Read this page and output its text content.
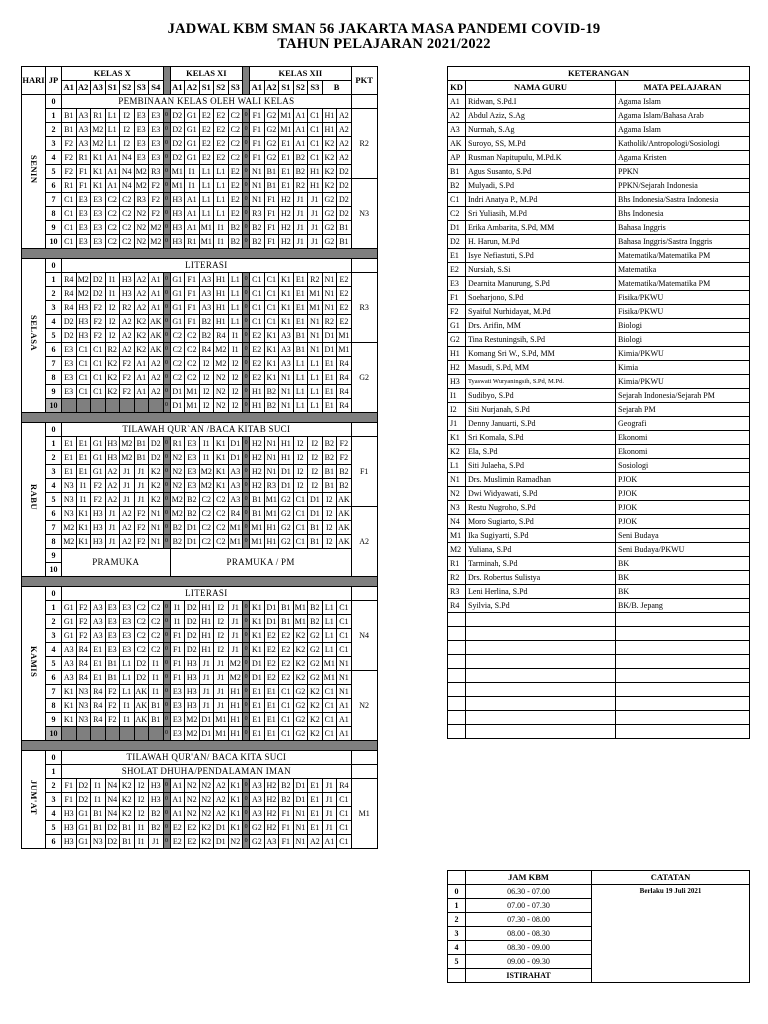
JADWAL KBM SMAN 56 JAKARTA MASA PANDEMI COVID-19
TAHUN PELAJARAN 2021/2022
HARI	JP	KELAS X								KELAS XI						KELAS XII							PKT
		A1	A2	A3	S1	S2	S3	S4		A1	A2	S1	S2	S3		A1	A2	S1	S2	S3	B		
SENIN	0	PEMBINAAN KELAS OLEH WALI KELAS																					
	1	B1	A3	R1	L1	I2	E3	E3	0	D2	G1	E2	E2	C2	0	F1	G2	M1	A1	C1	H1	A2	R2
	2	B1	A3	M2	L1	I2	E3	E3	0	D2	G1	E2	E2	C2	0	F1	G2	M1	A1	C1	H1	A2	
	3	F2	A3	M2	L1	I2	E3	E3	0	D2	G1	E2	E2	C2	0	F1	G2	E1	A1	C1	K2	A2	
	4	F2	R1	K1	A1	N4	E3	E3	0	D2	G1	E2	E2	C2	0	F1	G2	E1	B2	C1	K2	A2	
	5	F2	F1	K1	A1	N4	M2	R3	0	M1	I1	L1	L1	E2	0	N1	B1	E1	B2	H1	K2	D2	
	6	R1	F1	K1	A1	N4	M2	F2	0	M1	I1	L1	L1	E2	0	N1	B1	E1	R2	H1	K2	D2	N3
	7	C1	E3	E3	C2	C2	R3	F2	0	H3	A1	L1	L1	E2	0	N1	F1	H2	J1	J1	G2	D2	
	8	C1	E3	E3	C2	C2	N2	F2	0	H3	A1	L1	L1	E2	0	R3	F1	H2	J1	J1	G2	D2	
	9	C1	E3	E3	C2	C2	N2	M2	0	H3	A1	M1	I1	B2	0	B2	F1	H2	J1	J1	G2	B1	
	10	C1	E3	E3	C2	C2	N2	M2	0	H3	R1	M1	I1	B2	0	B2	F1	H2	J1	J1	G2	B1	

SELASA	0	LITERASI																					
	1	R4	M2	D2	I1	H3	A2	A1	0	G1	F1	A3	H1	L1	0	C1	C1	K1	E1	R2	N1	E2	R3
	2	R4	M2	D2	I1	H3	A2	A1	0	G1	F1	A3	H1	L1	0	C1	C1	K1	E1	M1	N1	E2	
	3	R4	H3	F2	I2	R2	A2	A1	0	G1	F1	A3	H1	L1	0	C1	C1	K1	E1	M1	N1	E2	
	4	D2	H3	F2	I2	A2	K2	AK	0	G1	F1	B2	H1	L1	0	C1	C1	K1	E1	N1	R2	E2	
	5	D2	H3	F2	I2	A2	K2	AK	0	C2	C2	B2	R4	I1	0	E2	K1	A3	B1	N1	D1	M1	
	6	E3	C1	C1	R2	A2	K2	AK	0	C2	C2	R4	M2	I1	0	E2	K1	A3	B1	N1	D1	M1	G2
	7	E3	C1	C1	K2	F2	A1	A2	0	C2	C2	I2	M2	I2	0	E2	K1	A3	L1	L1	E1	R4	
	8	E3	C1	C1	K2	F2	A1	A2	0	C2	C2	I2	N2	I2	0	E2	K1	N1	L1	L1	E1	R4	
	9	E3	C1	C1	K2	F2	A1	A2	0	D1	M1	I2	N2	I2	0	H1	B2	N1	L1	L1	E1	R4	
	10								0	D1	M1	I2	N2	I2	0	H1	B2	N1	L1	L1	E1	R4	

RABU	0	TILAWAH QUR`AN /BACA KITAB SUCI																					
	1	E1	E1	G1	H3	M2	B1	D2	0	R1	E3	I1	K1	D1	0	H2	N1	H1	I2	I2	B2	F2	F1
	2	E1	E1	G1	H3	M2	B1	D2	0	N2	E3	I1	K1	D1	0	H2	N1	H1	I2	I2	B2	F2	
	3	E1	E1	G1	A2	J1	J1	K2	0	N2	E3	M2	K1	A3	0	H2	N1	D1	I2	I2	B1	B2	
	4	N3	I1	F2	A2	J1	J1	K2	0	N2	E3	M2	K1	A3	0	H2	R3	D1	I2	I2	B1	B2	
	5	N3	I1	F2	A2	J1	J1	K2	0	M2	B2	C2	C2	A3	0	B1	M1	G2	C1	D1	I2	AK	
	6	N3	K1	H3	J1	A2	F2	N1	0	M2	B2	C2	C2	R4	0	B1	M1	G2	C1	D1	I2	AK	A2
	7	M2	K1	H3	J1	A2	F2	N1	0	B2	D1	C2	C2	M1	0	M1	H1	G2	C1	B1	I2	AK	
	8	M2	K1	H3	J1	A2	F2	N1	0	B2	D1	C2	C2	M1	0	M1	H1	G2	C1	B1	I2	AK	
	9	PRAMUKA								PRAMUKA / PM													
	10																						

KAMIS	0	LITERASI																					
	1	G1	F2	A3	E3	E3	C2	C2	0	I1	D2	H1	I2	J1	0	K1	D1	B1	M1	B2	L1	C1	N4
	2	G1	F2	A3	E3	E3	C2	C2	0	I1	D2	H1	I2	J1	0	K1	D1	B1	M1	B2	L1	C1	
	3	G1	F2	A3	E3	E3	C2	C2	0	F1	D2	H1	I2	J1	0	K1	E2	E2	K2	G2	L1	C1	
	4	A3	R4	E1	E3	E3	C2	C2	0	F1	D2	H1	I2	J1	0	K1	E2	E2	K2	G2	L1	C1	
	5	A3	R4	E1	B1	L1	D2	I1	0	F1	H3	J1	J1	M2	0	D1	E2	E2	K2	G2	M1	N1	
	6	A3	R4	E1	B1	L1	D2	I1	0	F1	H3	J1	J1	M2	0	D1	E2	E2	K2	G2	M1	N1	N2
	7	K1	N3	R4	F2	L1	AK	I1	0	E3	H3	J1	J1	H1	0	E1	E1	C1	G2	K2	C1	N1	
	8	K1	N3	R4	F2	I1	AK	B1	0	E3	H3	J1	J1	H1	0	E1	E1	C1	G2	K2	C1	A1	
	9	K1	N3	R4	F2	I1	AK	B1	0	E3	M2	D1	M1	H1	0	E1	E1	C1	G2	K2	C1	A1	
	10								0	E3	M2	D1	M1	H1	0	E1	E1	C1	G2	K2	C1	A1	

JUM'AT	0	TILAWAH QUR'AN/ BACA KITA SUCI																					
	1	SHOLAT DHUHA/PENDALAMAN IMAN																					
	2	F1	D2	I1	N4	K2	I2	H3	0	A1	N2	N2	A2	K1	0	A3	H2	B2	D1	E1	J1	R4	M1
	3	F1	D2	I1	N4	K2	I2	H3	0	A1	N2	N2	A2	K1	0	A3	H2	B2	D1	E1	J1	C1	
	4	H3	G1	B1	N4	K2	I2	B2	0	A1	N2	N2	A2	K1	0	A3	H2	F1	N1	E1	J1	C1	
	5	H3	G1	B1	D2	B1	I1	B2	0	E2	E2	K2	D1	K1	0	G2	H2	F1	N1	E1	J1	C1	
	6	H3	G1	N3	D2	B1	I1	J1	0	E2	E2	K2	D1	N2	0	G2	A3	F1	N1	A2	A1	C1	
KETERANGAN		
KD	NAMA GURU	MATA PELAJARAN
A1	Ridwan, S.Pd.I	Agama Islam
A2	Abdul Aziz, S.Ag	Agama Islam/Bahasa Arab
A3	Nurmah, S.Ag	Agama Islam
AK	Suroyo, SS, M.Pd	Katholik/Antropologi/Sosiologi
AP	Rusman Napitupulu, M.Pd.K	Agama Kristen
B1	Agus Susanto, S.Pd	PPKN
B2	Mulyadi, S.Pd	PPKN/Sejarah Indonesia
C1	Indri Anatya P., M.Pd	Bhs Indonesia/Sastra Indonesia
C2	Sri Yuliasih, M.Pd	Bhs Indonesia
D1	Erika Ambarita, S.Pd, MM	Bahasa Inggris
D2	H. Harun, M.Pd	Bahasa Inggris/Sastra Inggris
E1	Isye Nefiastuti, S.Pd	Matematika/Matematika PM
E2	Nursiah, S.Si	Matematika
E3	Dearnita Manurung, S.Pd	Matematika/Matematika PM
F1	Soeharjono, S.Pd	Fisika/PKWU
F2	Syaiful Nurhidayat, M.Pd	Fisika/PKWU
G1	Drs. Arifin, MM	Biologi
G2	Tina Restuningsih, S.Pd	Biologi
H1	Komang Sri W., S.Pd, MM	Kimia/PKWU
H2	Masudi, S.Pd, MM	Kimia
H3	Tyaswati Wuryaningsih, S.Pd, M.Pd.	Kimia/PKWU
I1	Sudibyo, S.Pd	Sejarah Indonesia/Sejarah PM
I2	Siti Nurjanah, S.Pd	Sejarah PM
J1	Denny Januarti, S.Pd	Geografi
K1	Sri Komala, S.Pd	Ekonomi
K2	Ela, S.Pd	Ekonomi
L1	Siti Julaeha, S.Pd	Sosiologi
N1	Drs. Muslimin Ramadhan	PJOK
N2	Dwi Widyawati, S.Pd	PJOK
N3	Restu Nugroho, S.Pd	PJOK
N4	Moro Sugiarto, S.Pd	PJOK
M1	Ika Sugiyarti, S.Pd	Seni Budaya
M2	Yuliana, S.Pd	Seni Budaya/PKWU
R1	Tarminah, S.Pd	BK
R2	Drs. Robertus Sulistya	BK
R3	Leni Herlina, S.Pd	BK
R4	Syilvia, S.Pd	BK/B. Jepang

	JAM KBM	CATATAN
0	06.30 - 07.00	Berlaku 19 Juli 2021
1	07.00 - 07.30	
2	07.30 - 08.00	
3	08.00 - 08.30	
4	08.30 - 09.00	
5	09.00 - 09.30	
	ISTIRAHAT	
